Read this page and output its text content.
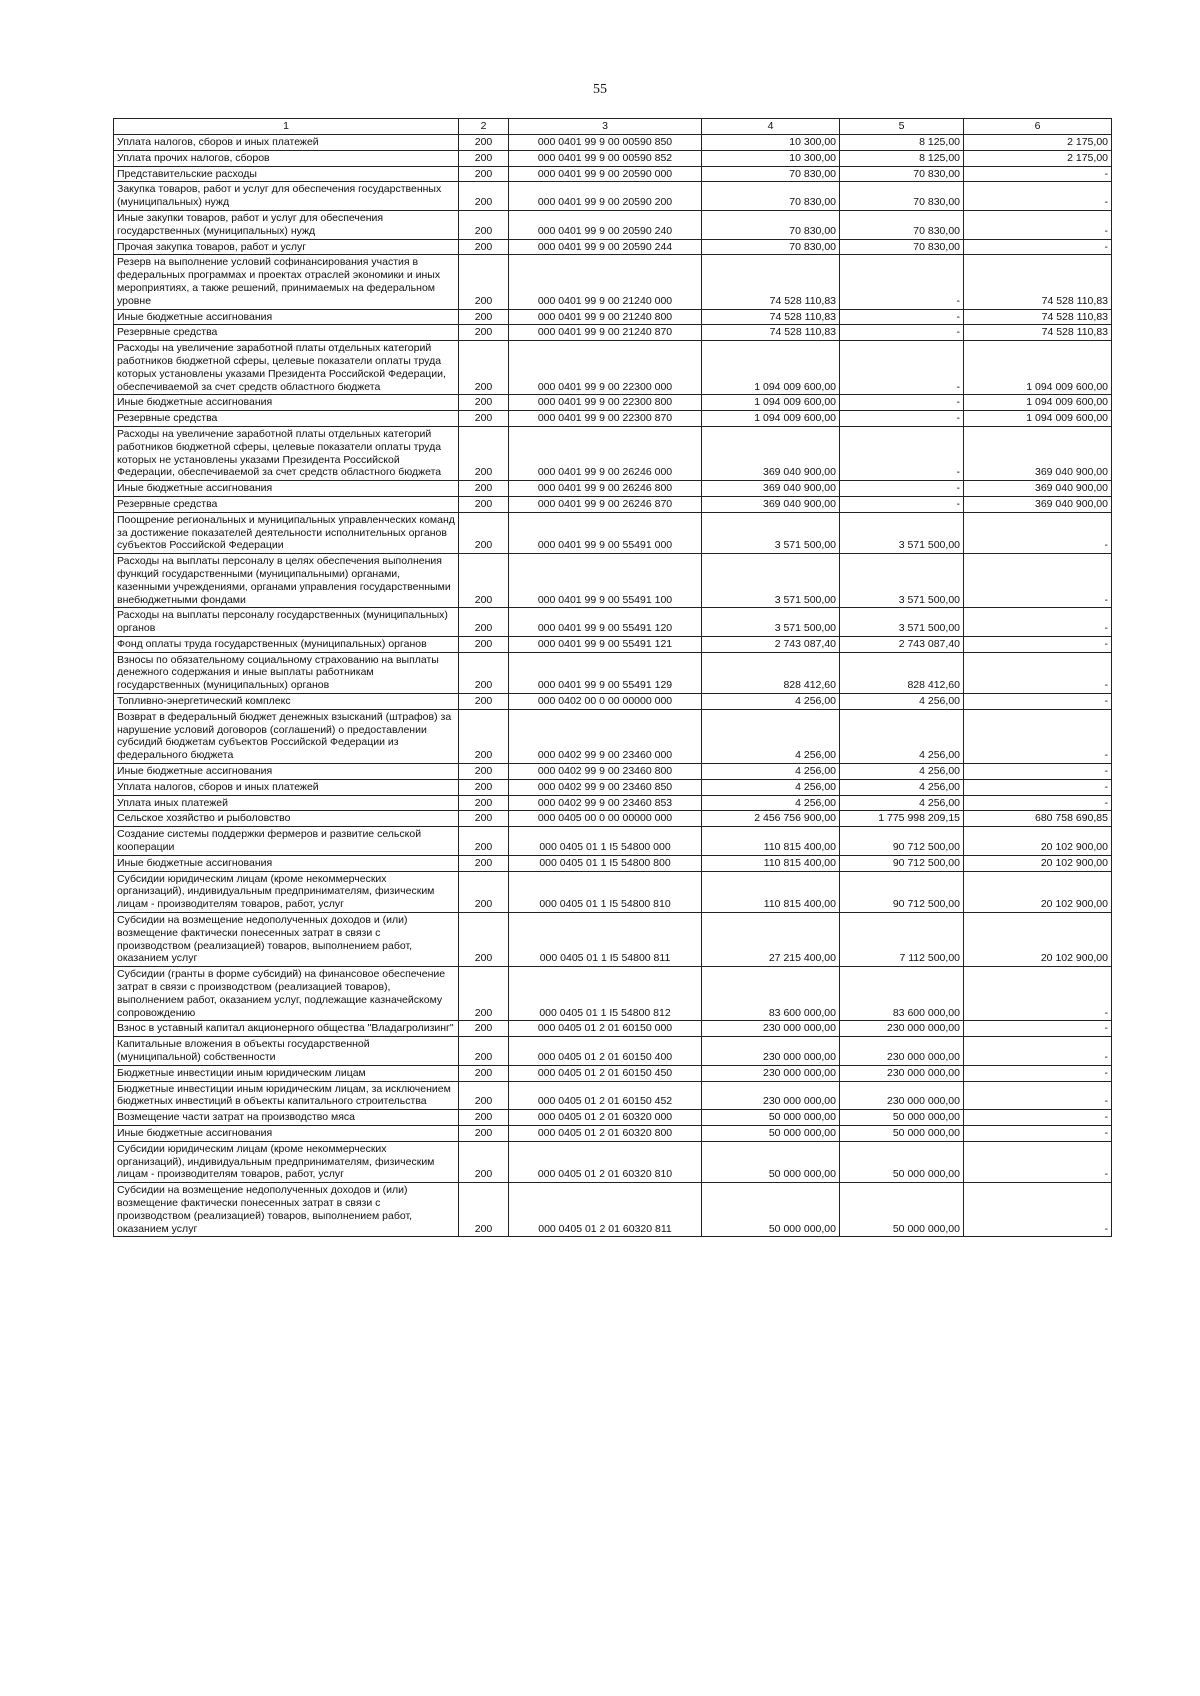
55
1	2	3	4	5	6
Уплата налогов, сборов и иных платежей	200	000 0401 99 9 00 00590 850	10 300,00	8 125,00	2 175,00
Уплата прочих налогов, сборов	200	000 0401 99 9 00 00590 852	10 300,00	8 125,00	2 175,00
Представительские расходы	200	000 0401 99 9 00 20590 000	70 830,00	70 830,00	-
Закупка товаров, работ и услуг для обеспечения государственных (муниципальных) нужд	200	000 0401 99 9 00 20590 200	70 830,00	70 830,00	-
Иные закупки товаров, работ и услуг для обеспечения государственных (муниципальных) нужд	200	000 0401 99 9 00 20590 240	70 830,00	70 830,00	-
Прочая закупка товаров, работ и услуг	200	000 0401 99 9 00 20590 244	70 830,00	70 830,00	-
Резерв на выполнение условий софинансирования участия в федеральных программах и проектах отраслей экономики и иных мероприятиях, а также решений, принимаемых на федеральном уровне	200	000 0401 99 9 00 21240 000	74 528 110,83	-	74 528 110,83
Иные бюджетные ассигнования	200	000 0401 99 9 00 21240 800	74 528 110,83	-	74 528 110,83
Резервные средства	200	000 0401 99 9 00 21240 870	74 528 110,83	-	74 528 110,83
Расходы на увеличение заработной платы отдельных категорий работников бюджетной сферы, целевые показатели оплаты труда которых установлены указами Президента Российской Федерации, обеспечиваемой за счет средств областного бюджета	200	000 0401 99 9 00 22300 000	1 094 009 600,00	-	1 094 009 600,00
Иные бюджетные ассигнования	200	000 0401 99 9 00 22300 800	1 094 009 600,00	-	1 094 009 600,00
Резервные средства	200	000 0401 99 9 00 22300 870	1 094 009 600,00	-	1 094 009 600,00
Расходы на увеличение заработной платы отдельных категорий работников бюджетной сферы, целевые показатели оплаты труда которых не установлены указами Президента Российской Федерации, обеспечиваемой за счет средств областного бюджета	200	000 0401 99 9 00 26246 000	369 040 900,00	-	369 040 900,00
Иные бюджетные ассигнования	200	000 0401 99 9 00 26246 800	369 040 900,00	-	369 040 900,00
Резервные средства	200	000 0401 99 9 00 26246 870	369 040 900,00	-	369 040 900,00
Поощрение региональных и муниципальных управленческих команд за достижение показателей деятельности исполнительных органов субъектов Российской Федерации	200	000 0401 99 9 00 55491 000	3 571 500,00	3 571 500,00	-
Расходы на выплаты персоналу в целях обеспечения выполнения функций государственными (муниципальными) органами, казенными учреждениями, органами управления государственными внебюджетными фондами	200	000 0401 99 9 00 55491 100	3 571 500,00	3 571 500,00	-
Расходы на выплаты персоналу государственных (муниципальных) органов	200	000 0401 99 9 00 55491 120	3 571 500,00	3 571 500,00	-
Фонд оплаты труда государственных (муниципальных) органов	200	000 0401 99 9 00 55491 121	2 743 087,40	2 743 087,40	-
Взносы по обязательному социальному страхованию на выплаты денежного содержания и иные выплаты работникам государственных (муниципальных) органов	200	000 0401 99 9 00 55491 129	828 412,60	828 412,60	-
Топливно-энергетический комплекс	200	000 0402 00 0 00 00000 000	4 256,00	4 256,00	-
Возврат в федеральный бюджет денежных взысканий (штрафов) за нарушение условий договоров (соглашений) о предоставлении субсидий бюджетам субъектов Российской Федерации из федерального бюджета	200	000 0402 99 9 00 23460 000	4 256,00	4 256,00	-
Иные бюджетные ассигнования	200	000 0402 99 9 00 23460 800	4 256,00	4 256,00	-
Уплата налогов, сборов и иных платежей	200	000 0402 99 9 00 23460 850	4 256,00	4 256,00	-
Уплата иных платежей	200	000 0402 99 9 00 23460 853	4 256,00	4 256,00	-
Сельское хозяйство и рыболовство	200	000 0405 00 0 00 00000 000	2 456 756 900,00	1 775 998 209,15	680 758 690,85
Создание системы поддержки фермеров и развитие сельской кооперации	200	000 0405 01 1 I5 54800 000	110 815 400,00	90 712 500,00	20 102 900,00
Иные бюджетные ассигнования	200	000 0405 01 1 I5 54800 800	110 815 400,00	90 712 500,00	20 102 900,00
Субсидии юридическим лицам (кроме некоммерческих организаций), индивидуальным предпринимателям, физическим лицам - производителям товаров, работ, услуг	200	000 0405 01 1 I5 54800 810	110 815 400,00	90 712 500,00	20 102 900,00
Субсидии на возмещение недополученных доходов и (или) возмещение фактически понесенных затрат в связи с производством (реализацией) товаров, выполнением работ, оказанием услуг	200	000 0405 01 1 I5 54800 811	27 215 400,00	7 112 500,00	20 102 900,00
Субсидии (гранты в форме субсидий) на финансовое обеспечение затрат в связи с производством (реализацией товаров), выполнением работ, оказанием услуг, подлежащие казначейскому сопровождению	200	000 0405 01 1 I5 54800 812	83 600 000,00	83 600 000,00	-
Взнос в уставный капитал акционерного общества "Владагролизинг"	200	000 0405 01 2 01 60150 000	230 000 000,00	230 000 000,00	-
Капитальные вложения в объекты государственной (муниципальной) собственности	200	000 0405 01 2 01 60150 400	230 000 000,00	230 000 000,00	-
Бюджетные инвестиции иным юридическим лицам	200	000 0405 01 2 01 60150 450	230 000 000,00	230 000 000,00	-
Бюджетные инвестиции иным юридическим лицам, за исключением бюджетных инвестиций в объекты капитального строительства	200	000 0405 01 2 01 60150 452	230 000 000,00	230 000 000,00	-
Возмещение части затрат на производство мяса	200	000 0405 01 2 01 60320 000	50 000 000,00	50 000 000,00	-
Иные бюджетные ассигнования	200	000 0405 01 2 01 60320 800	50 000 000,00	50 000 000,00	-
Субсидии юридическим лицам (кроме некоммерческих организаций), индивидуальным предпринимателям, физическим лицам - производителям товаров, работ, услуг	200	000 0405 01 2 01 60320 810	50 000 000,00	50 000 000,00	-
Субсидии на возмещение недополученных доходов и (или) возмещение фактически понесенных затрат в связи с производством (реализацией) товаров, выполнением работ, оказанием услуг	200	000 0405 01 2 01 60320 811	50 000 000,00	50 000 000,00	-
